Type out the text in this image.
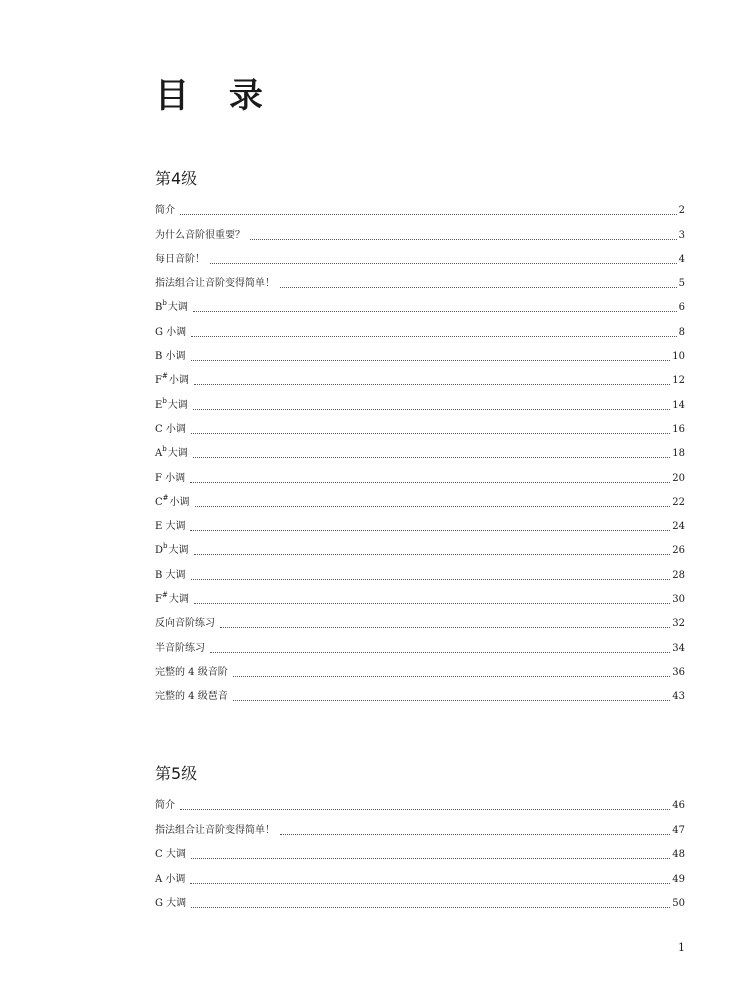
目 录
第4级
简介	2
为什么音阶很重要？	3
每日音阶！	4
指法组合让音阶变得简单！	5
$B^b$大调	6
G 小调	8
B 小调	10
F#小调	12
$E^b$大调	14
C 小调	16
$A^b$大调	18
F 小调	20
C#小调	22
E 大调	24
$D^b$大调	26
B 大调	28
F#大调	30
反向音阶练习	32
半音阶练习	34
完整的 4 级音阶	36
完整的 4 级琶音	43
第5级
简介	46
指法组合让音阶变得简单！	47
C 大调	48
A 小调	49
G 大调	50
1
